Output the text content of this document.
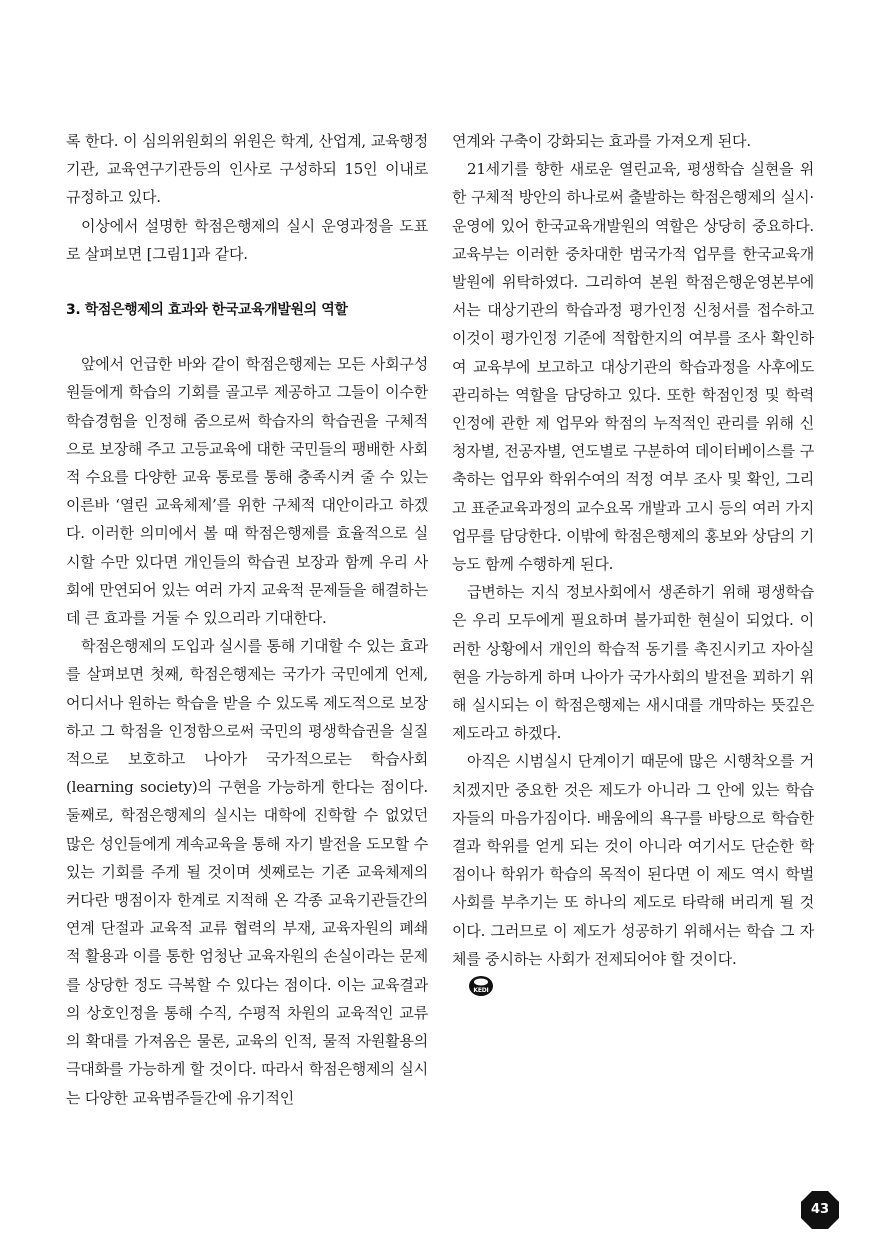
록 한다. 이 심의위원회의 위원은 학계, 산업계, 교육행정기관, 교육연구기관등의 인사로 구성하되 15인 이내로 규정하고 있다.

이상에서 설명한 학점은행제의 실시 운영과정을 도표로 살펴보면 [그림1]과 같다.

3. 학점은행제의 효과와 한국교육개발원의 역할

앞에서 언급한 바와 같이 학점은행제는 모든 사회구성원들에게 학습의 기회를 골고루 제공하고 그들이 이수한 학습경험을 인정해 줌으로써 학습자의 학습권을 구체적으로 보장해 주고 고등교육에 대한 국민들의 팽배한 사회적 수요를 다양한 교육 통로를 통해 충족시켜 줄 수 있는 이른바 ‘열린 교육체제’를 위한 구체적 대안이라고 하겠다. 이러한 의미에서 볼 때 학점은행제를 효율적으로 실시할 수만 있다면 개인들의 학습권 보장과 함께 우리 사회에 만연되어 있는 여러 가지 교육적 문제들을 해결하는 데 큰 효과를 거둘 수 있으리라 기대한다.

학점은행제의 도입과 실시를 통해 기대할 수 있는 효과를 살펴보면 첫째, 학점은행제는 국가가 국민에게 언제, 어디서나 원하는 학습을 받을 수 있도록 제도적으로 보장하고 그 학점을 인정함으로써 국민의 평생학습권을 실질적으로 보호하고 나아가 국가적으로는 학습사회(learning society)의 구현을 가능하게 한다는 점이다. 둘째로, 학점은행제의 실시는 대학에 진학할 수 없었던 많은 성인들에게 계속교육을 통해 자기 발전을 도모할 수 있는 기회를 주게 될 것이며 셋째로는 기존 교육체제의 커다란 맹점이자 한계로 지적해 온 각종 교육기관들간의 연계 단절과 교육적 교류 협력의 부재, 교육자원의 폐쇄적 활용과 이를 통한 엄청난 교육자원의 손실이라는 문제를 상당한 정도 극복할 수 있다는 점이다. 이는 교육결과의 상호인정을 통해 수직, 수평적 차원의 교육적인 교류의 확대를 가져옴은 물론, 교육의 인적, 물적 자원활용의 극대화를 가능하게 할 것이다. 따라서 학점은행제의 실시는 다양한 교육범주들간에 유기적인

연계와 구축이 강화되는 효과를 가져오게 된다.

21세기를 향한 새로운 열린교육, 평생학습 실현을 위한 구체적 방안의 하나로써 출발하는 학점은행제의 실시·운영에 있어 한국교육개발원의 역할은 상당히 중요하다. 교육부는 이러한 중차대한 범국가적 업무를 한국교육개발원에 위탁하였다. 그리하여 본원 학점은행운영본부에서는 대상기관의 학습과정 평가인정 신청서를 접수하고 이것이 평가인정 기준에 적합한지의 여부를 조사 확인하여 교육부에 보고하고 대상기관의 학습과정을 사후에도 관리하는 역할을 담당하고 있다. 또한 학점인정 및 학력인정에 관한 제 업무와 학점의 누적적인 관리를 위해 신청자별, 전공자별, 연도별로 구분하여 데이터베이스를 구축하는 업무와 학위수여의 적정 여부 조사 및 확인, 그리고 표준교육과정의 교수요목 개발과 고시 등의 여러 가지 업무를 담당한다. 이밖에 학점은행제의 홍보와 상담의 기능도 함께 수행하게 된다.

급변하는 지식 정보사회에서 생존하기 위해 평생학습은 우리 모두에게 필요하며 불가피한 현실이 되었다. 이러한 상황에서 개인의 학습적 동기를 촉진시키고 자아실현을 가능하게 하며 나아가 국가사회의 발전을 꾀하기 위해 실시되는 이 학점은행제는 새시대를 개막하는 뜻깊은 제도라고 하겠다.

아직은 시범실시 단계이기 때문에 많은 시행착오를 거치겠지만 중요한 것은 제도가 아니라 그 안에 있는 학습자들의 마음가짐이다. 배움에의 욕구를 바탕으로 학습한 결과 학위를 얻게 되는 것이 아니라 여기서도 단순한 학점이나 학위가 학습의 목적이 된다면 이 제도 역시 학벌사회를 부추기는 또 하나의 제도로 타락해 버리게 될 것이다. 그러므로 이 제도가 성공하기 위해서는 학습 그 자체를 중시하는 사회가 전제되어야 할 것이다.

KEDI
43
